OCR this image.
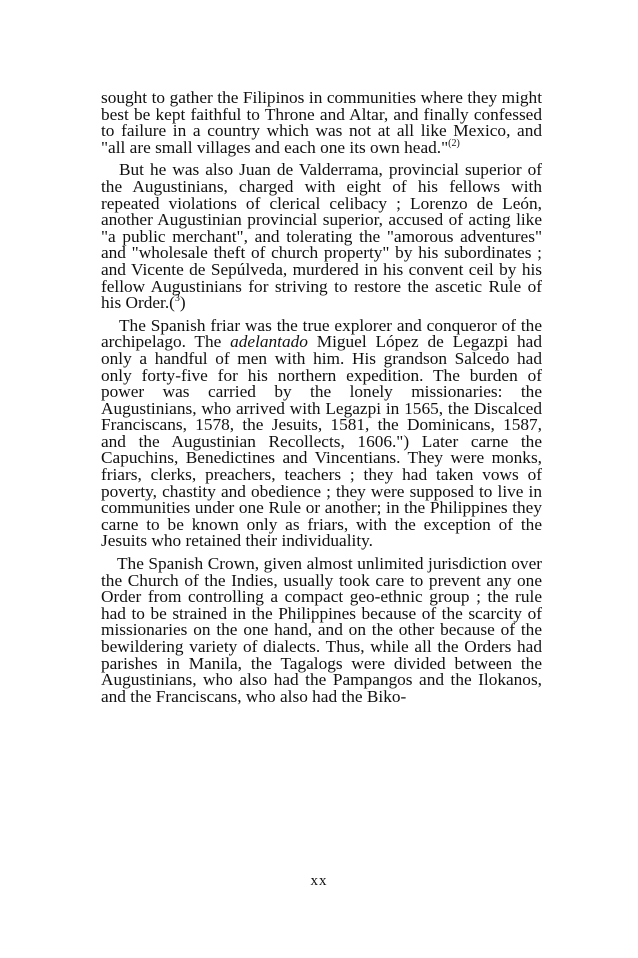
sought to gather the Filipinos in communities where they might best be kept faithful to Throne and Altar, and finally confessed to failure in a country which was not at all like Mexico, and "all are small villages and each one its own head."$^{(2)}$

But he was also Juan de Valderrama, provincial superior of the Augustinians, charged with eight of his fellows with repeated violations of clerical celibacy ; Lorenzo de León, another Augustinian provincial superior, accused of acting like "a public merchant", and tolerating the "amorous adventures" and "wholesale theft of church property" by his subordinates ; and Vicente de Sepúlveda, murdered in his convent ceil by his fellow Augustinians for striving to restore the ascetic Rule of his Order.($^3$)

The Spanish friar was the true explorer and conqueror of the archipelago. The adelantado Miguel López de Legazpi had only a handful of men with him. His grandson Salcedo had only forty-five for his northern expedition. The burden of power was carried by the lonely missionaries: the Augustinians, who arrived with Legazpi in 1565, the Discalced Franciscans, 1578, the Jesuits, 1581, the Dominicans, 1587, and the Augustinian Recollects, 1606.") Later carne the Capuchins, Benedictines and Vincentians. They were monks, friars, clerks, preachers, teachers ; they had taken vows of poverty, chastity and obedience ; they were supposed to live in communities under one Rule or another; in the Philippines they carne to be known only as friars, with the exception of the Jesuits who retained their individuality.

The Spanish Crown, given almost unlimited jurisdiction over the Church of the Indies, usually took care to prevent any one Order from controlling a compact geo-ethnic group ; the rule had to be strained in the Philippines because of the scarcity of missionaries on the one hand, and on the other because of the bewildering variety of dialects. Thus, while all the Orders had parishes in Manila, the Tagalogs were divided between the Augustinians, who also had the Pampangos and the Ilokanos, and the Franciscans, who also had the Biko-

xx
